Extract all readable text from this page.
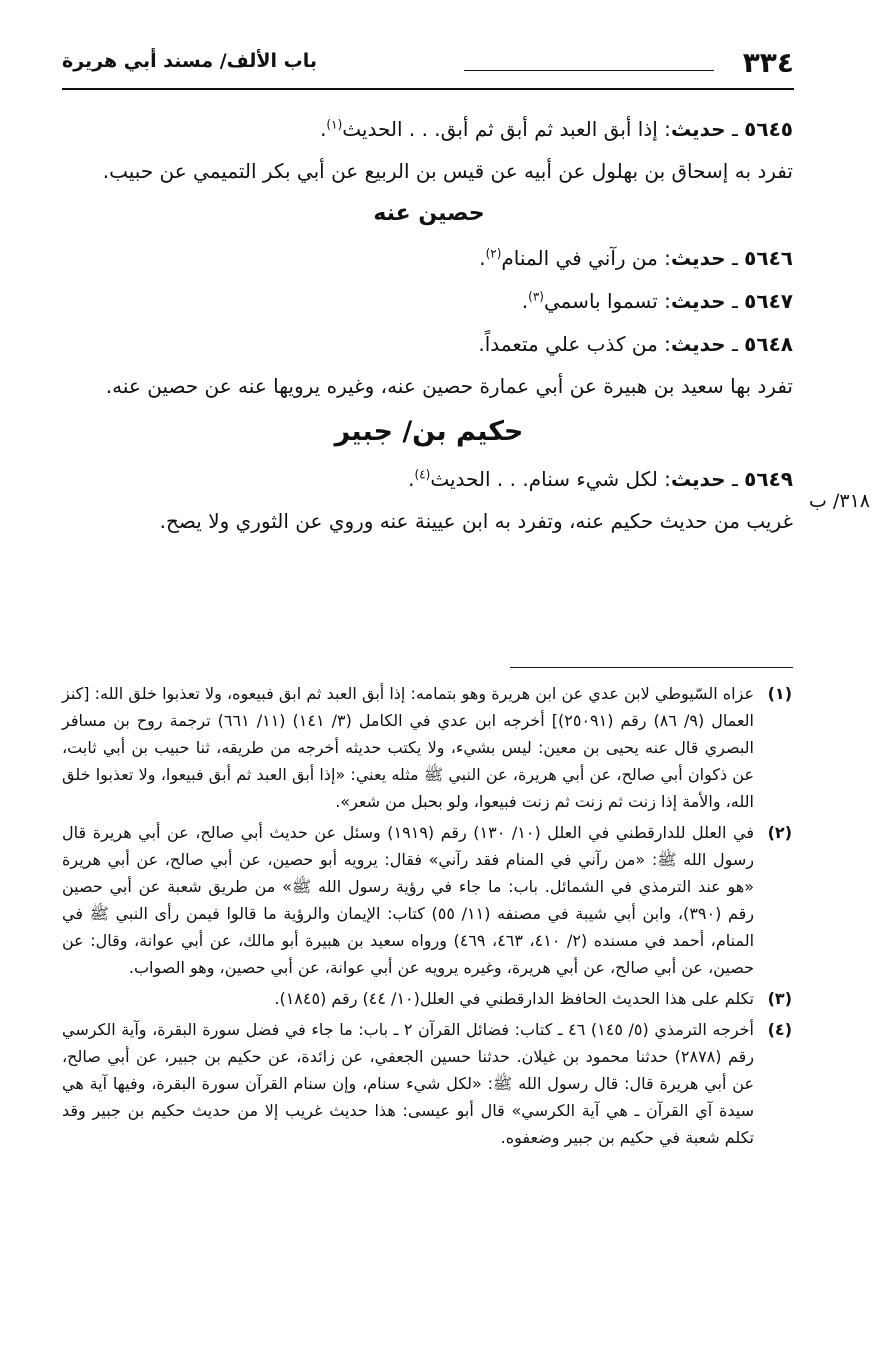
٣٣٤
باب الألف/ مسند أبي هريرة
٣١٨/ ب

٥٦٤٥ ـ حديث: إذا أبق العبد ثم أبق ثم أبق. . . الحديث$^{(١)}$.

تفرد به إسحاق بن بهلول عن أبيه عن قيس بن الربيع عن أبي بكر التميمي عن حبيب.

حصين عنه

٥٦٤٦ ـ حديث: من رآني في المنام$^{(٢)}$.

٥٦٤٧ ـ حديث: تسموا باسمي$^{(٣)}$.

٥٦٤٨ ـ حديث: من كذب علي متعمداً.

تفرد بها سعيد بن هبيرة عن أبي عمارة حصين عنه، وغيره يرويها عنه عن حصين عنه.

حكيم بن/ جبير

٥٦٤٩ ـ حديث: لكل شيء سنام. . . الحديث$^{(٤)}$.

غريب من حديث حكيم عنه، وتفرد به ابن عيينة عنه وروي عن الثوري ولا يصح.

(١)
عزاه السّيوطي لابن عدي عن ابن هريرة وهو بتمامه: إذا أبق العبد ثم ابق فبيعوه، ولا تعذبوا خلق الله: [كنز العمال (٩/ ٨٦) رقم (٢٥٠٩١)] أخرجه ابن عدي في الكامل (٣/ ١٤١) (١١/ ٦٦١) ترجمة روح بن مسافر البصري قال عنه يحيى بن معين: ليس بشيء، ولا يكتب حديثه أخرجه من طريقه، ثنا حبيب بن أبي ثابت، عن ذكوان أبي صالح، عن أبي هريرة، عن النبي ﷺ مثله يعني: «إذا أبق العبد ثم أبق فبيعوا، ولا تعذبوا خلق الله، والأمة إذا زنت ثم زنت ثم زنت فبيعوا، ولو بحبل من شعر».
(٢)
في العلل للدارقطني في العلل (١٠/ ١٣٠) رقم (١٩١٩) وسئل عن حديث أبي صالح، عن أبي هريرة قال رسول الله ﷺ: «من رآني في المنام فقد رآني» فقال: يرويه أبو حصين، عن أبي صالح، عن أبي هريرة «هو عند الترمذي في الشمائل. باب: ما جاء في رؤية رسول الله ﷺ» من طريق شعبة عن أبي حصين رقم (٣٩٠)، وابن أبي شيبة في مصنفه (١١/ ٥٥) كتاب: الإيمان والرؤية ما قالوا فيمن رأى النبي ﷺ في المنام، أحمد في مسنده (٢/ ٤١٠، ٤٦٣، ٤٦٩) ورواه سعيد بن هبيرة أبو مالك، عن أبي عوانة، وقال: عن حصين، عن أبي صالح، عن أبي هريرة، وغيره يرويه عن أبي عوانة، عن أبي حصين، وهو الصواب.
(٣)
تكلم على هذا الحديث الحافظ الدارقطني في العلل(١٠/ ٤٤) رقم (١٨٤٥).
(٤)
أخرجه الترمذي (٥/ ١٤٥) ٤٦ ـ كتاب: فضائل القرآن ٢ ـ باب: ما جاء في فضل سورة البقرة، وآية الكرسي رقم (٢٨٧٨) حدثنا محمود بن غيلان. حدثنا حسين الجعفي، عن زائدة، عن حكيم بن جبير، عن أبي صالح، عن أبي هريرة قال: قال رسول الله ﷺ: «لكل شيء سنام، وإن سنام القرآن سورة البقرة، وفيها آية هي سيدة آي القرآن ـ هي آية الكرسي» قال أبو عيسى: هذا حديث غريب إلا من حديث حكيم بن جبير وقد تكلم شعبة في حكيم بن جبير وضعفوه.
